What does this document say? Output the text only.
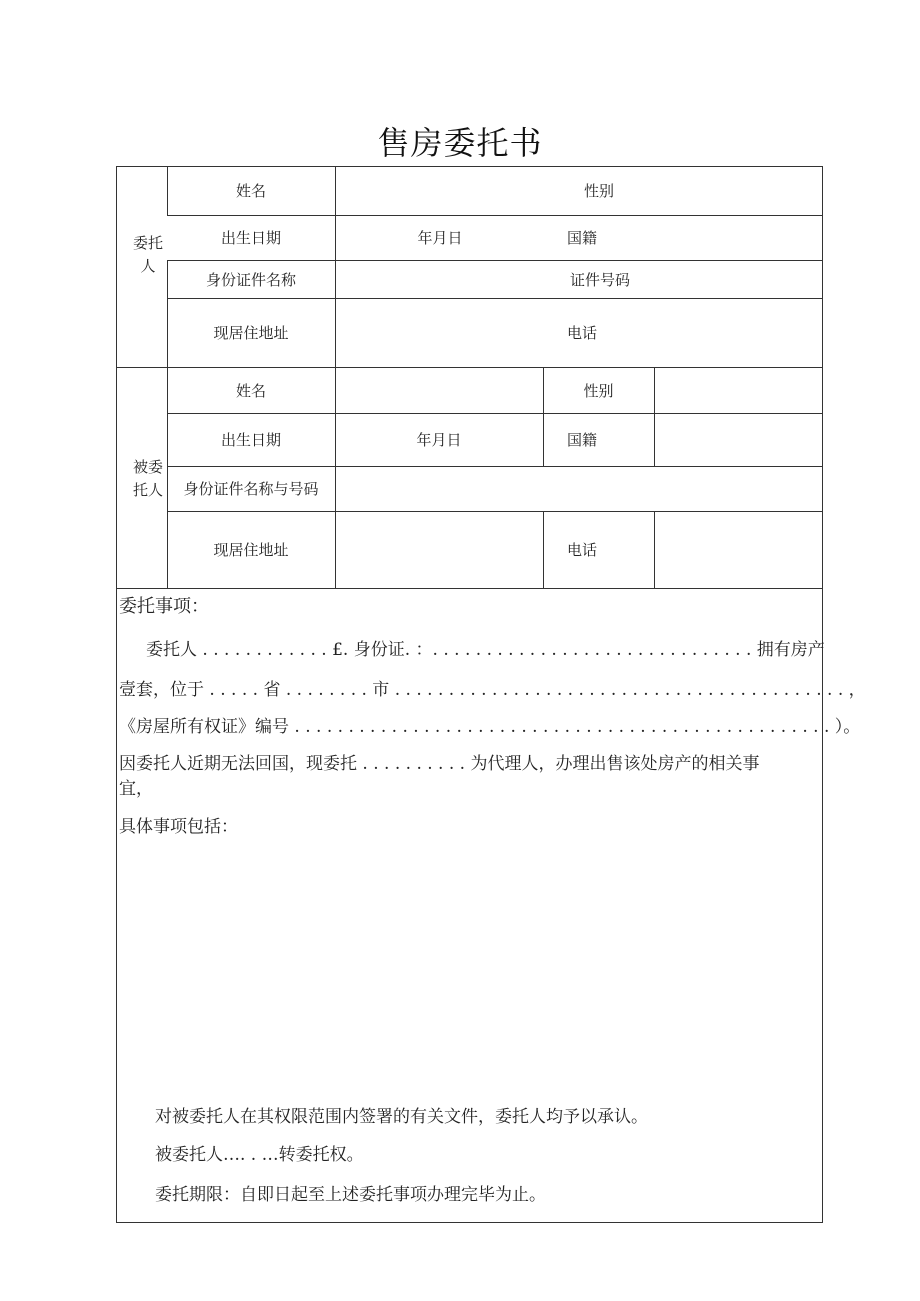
售房委托书
委托
人
姓名	性别
出生日期	年月日	国籍
身份证件名称	证件号码
现居住地址	电话
被委
托人
姓名	性别
出生日期	年月日	国籍
身份证件名称与号码
现居住地址	电话
委托事项：
委托人 . . . . . . . . . . . . £. 身份证. ：. . . . . . . . . . . . . . . . . . . . . . . . . . . . . . 拥有房产
壹套，位于 . . . . . 省 . . . . . . . . 市 . . . . . . . . . . . . . . . . . . . . . . . . . . . . . . . . . . . . . . . . . . ，
《房屋所有权证》编号 . . . . . . . . . . . . . . . . . . . . . . . . . . . . . . . . . . . . . . . . . . . . . . . . . . ）。
因委托人近期无法回国，现委托 . . . . . . . . . . 为代理人，办理出售该处房产的相关事
宜，
具体事项包括：
对被委托人在其权限范围内签署的有关文件，委托人均予以承认。
被委托人…. . …转委托权。
委托期限：自即日起至上述委托事项办理完毕为止。
